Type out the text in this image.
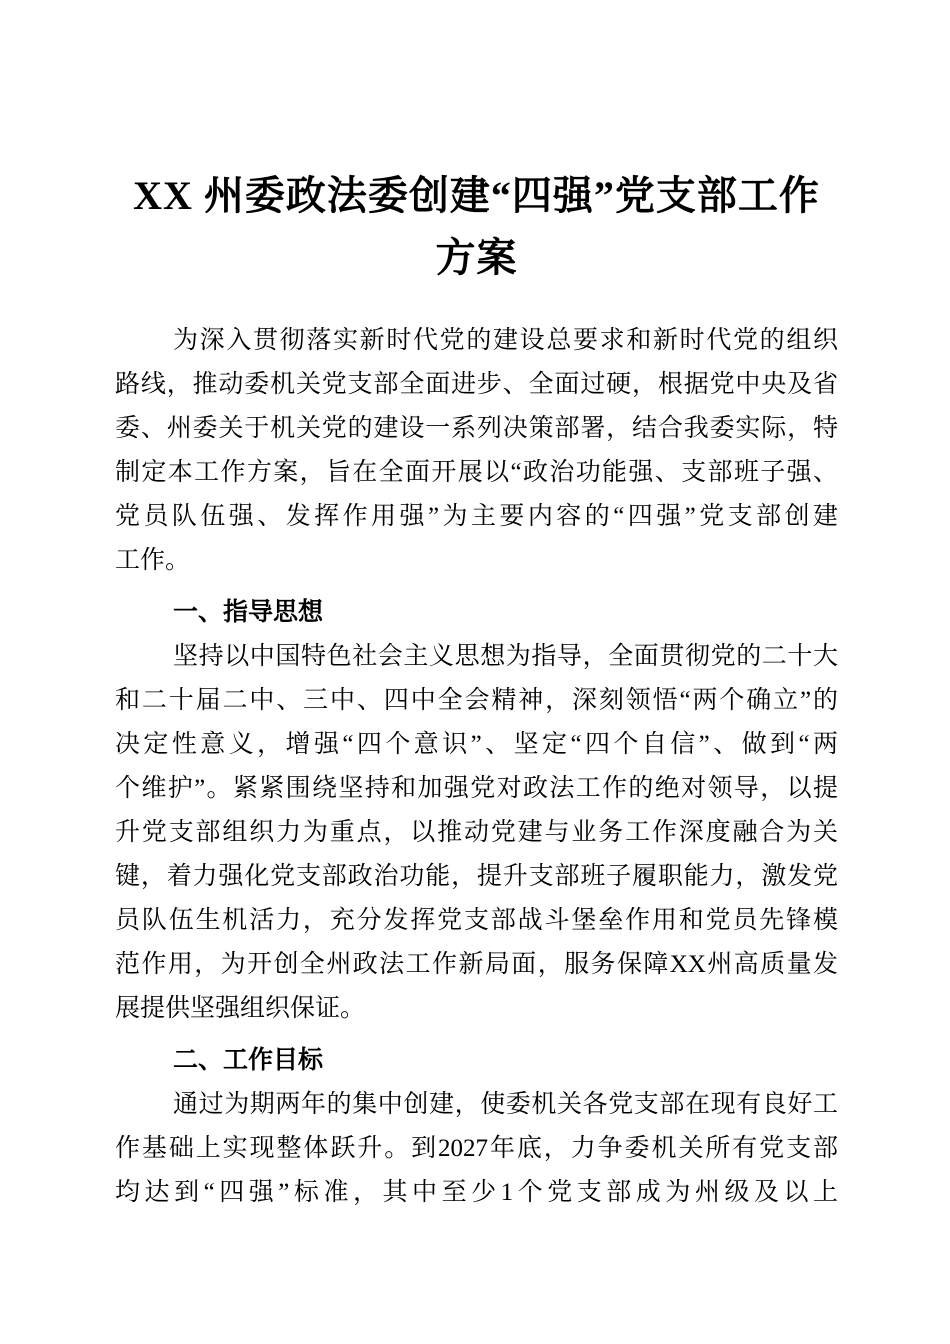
XX 州委政法委创建“四强”党支部工作
方案
为深入贯彻落实新时代党的建设总要求和新时代党的组织
路线，推动委机关党支部全面进步、全面过硬，根据党中央及省
委、州委关于机关党的建设一系列决策部署，结合我委实际，特
制定本工作方案，旨在全面开展以“政治功能强、支部班子强、
党员队伍强、发挥作用强”为主要内容的“四强”党支部创建
工作。
一、指导思想
坚持以中国特色社会主义思想为指导，全面贯彻党的二十大
和二十届二中、三中、四中全会精神，深刻领悟“两个确立”的
决定性意义，增强“四个意识”、坚定“四个自信”、做到“两
个维护”。紧紧围绕坚持和加强党对政法工作的绝对领导，以提
升党支部组织力为重点，以推动党建与业务工作深度融合为关
键，着力强化党支部政治功能，提升支部班子履职能力，激发党
员队伍生机活力，充分发挥党支部战斗堡垒作用和党员先锋模
范作用，为开创全州政法工作新局面，服务保障XX州高质量发
展提供坚强组织保证。
二、工作目标
通过为期两年的集中创建，使委机关各党支部在现有良好工
作基础上实现整体跃升。到2027年底，力争委机关所有党支部
均达到“四强”标准，其中至少1个党支部成为州级及以上
